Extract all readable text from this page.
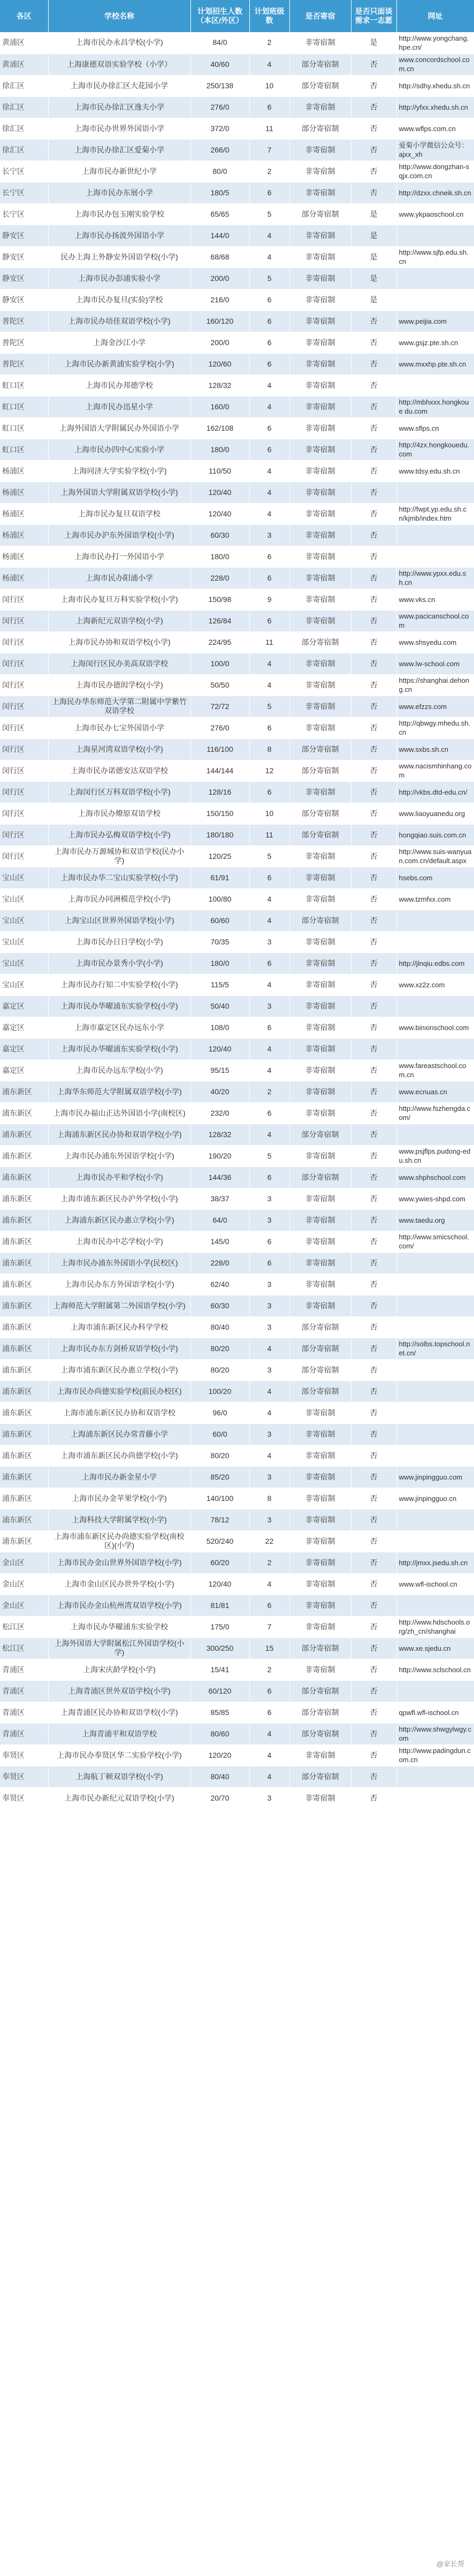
各区	学校名称	计划招生人数（本区/外区）	计划班级数	是否寄宿	是否只面谈需求一志愿	网址
黄浦区	上海市民办永昌学校(小学)	84/0	2	非寄宿制	是	http://www.yongchang.hpe.cn/
黄浦区	上海康德双语实验学校（小学）	40/60	4	部分寄宿制	否	www.concordschool.com.cn
徐汇区	上海市民办徐汇区大花园小学	250/138	10	部分寄宿制	否	http://sdhy.xhedu.sh.cn
徐汇区	上海市民办徐汇区逸夫小学	276/0	6	非寄宿制	否	http://yfxx.xhedu.sh.cn
徐汇区	上海市民办世界外国语小学	372/0	11	部分寄宿制	否	www.wflps.com.cn
徐汇区	上海市民办徐汇区爱菊小学	266/0	7	非寄宿制	否	爱菊小学微信公众号：ajxx_xh
长宁区	上海市民办新世纪小学	80/0	2	非寄宿制	否	http://www.dongzhan-sqjx.com.cn
长宁区	上海市民办东展小学	180/5	6	非寄宿制	否	http://dzxx.chneik.sh.cn
长宁区	上海市民办包玉刚实验学校	65/65	5	部分寄宿制	是	www.ykpaoschool.cn
静安区	上海市民办扬波外国语小学	144/0	4	非寄宿制	是	
静安区	民办上海上外静安外国语学校(小学)	68/68	4	非寄宿制	是	http://www.sjfp.edu.sh.cn
静安区	上海市民办彭浦实验小学	200/0	5	非寄宿制	是	
静安区	上海市民办复旦(实验)学校	216/0	6	非寄宿制	是	
普陀区	上海市民办培佳双语学校(小学)	160/120	6	非寄宿制	否	www.peijia.com
普陀区	上海金沙江小学	200/0	6	非寄宿制	否	www.gsjz.pte.sh.cn
普陀区	上海市民办新黄浦实验学校(小学)	120/60	6	非寄宿制	否	www.mxxhp.pte.sh.cn
虹口区	上海市民办邦德学校	128/32	4	非寄宿制	否	
虹口区	上海市民办迅星小学	160/0	4	非寄宿制	否	http://mbhxxx.hongkoue du.com
虹口区	上海外国语大学附属民办外国语小学	162/108	6	非寄宿制	否	www.sflps.cn
虹口区	上海市民办四中心实验小学	180/0	6	非寄宿制	否	http://4zx.hongkouedu.com
杨浦区	上海同济大学实验学校(小学)	110/50	4	非寄宿制	否	www.tdsy.edu.sh.cn
杨浦区	上海外国语大学附属双语学校(小学)	120/40	4	非寄宿制	否	
杨浦区	上海市民办复旦双语学校	120/40	4	非寄宿制	否	http://fwpt.yp.edu.sh.cn/kjmb/index.htm
杨浦区	上海市民办沪东外国语学校(小学)	60/30	3	非寄宿制	否	
杨浦区	上海市民办打一外国语小学	180/0	6	非寄宿制	否	
杨浦区	上海市民办阳浦小学	228/0	6	非寄宿制	否	http://www.ypxx.edu.sh.cn
闵行区	上海市民办复旦万科实验学校(小学)	150/98	9	非寄宿制	否	www.vks.cn
闵行区	上海新纪元双语学校(小学)	126/84	6	非寄宿制	否	www.pacicanschool.com
闵行区	上海市民办协和双语学校(小学)	224/95	11	部分寄宿制	否	www.shsyedu.com
闵行区	上海闵行区民办美高双语学校	100/0	4	非寄宿制	否	www.lw-school.com
闵行区	上海市民办德闳学校(小学)	50/50	4	非寄宿制	否	https://shanghai.dehong.cn
闵行区	上海民办华东师范大学第二附属中学紫竹双语学校	72/72	5	非寄宿制	否	www.efzzs.com
闵行区	上海市民办七宝外国语小学	276/0	6	非寄宿制	否	http://qbwgy.mhedu.sh.cn
闵行区	上海星河湾双语学校(小学)	116/100	8	部分寄宿制	否	www.sxbs.sh.cn
闵行区	上海市民办诺德安达双语学校	144/144	12	部分寄宿制	否	www.nacismhinhang.com
闵行区	上海闵行区万科双语学校(小学)	128/16	6	非寄宿制	否	http://vkbs.dtd-edu.cn/
闵行区	上海市民办燎原双语学校	150/150	10	部分寄宿制	否	www.liaoyuanedu.org
闵行区	上海市民办弘梅双语学校(小学)	180/180	11	部分寄宿制	否	hongqiao.suis.com.cn
闵行区	上海市民办万源城协和双语学校(民办小学)	120/25	5	非寄宿制	否	http://www.suis-wanyuan.com.cn/default.aspx
宝山区	上海市民办华二宝山实验学校(小学)	61/91	6	非寄宿制	否	hsebs.com
宝山区	上海市民办同洲模范学校(小学)	100/80	4	非寄宿制	否	www.tzmfxx.com
宝山区	上海宝山区世界外国语学校(小学)	60/60	4	部分寄宿制	否	
宝山区	上海市民办日日学校(小学)	70/35	3	非寄宿制	否	
宝山区	上海市民办景秀小学(小学)	180/0	6	非寄宿制	否	http://jlnqiu.edbs.com
宝山区	上海市民办行知二中实验学校(小学)	115/5	4	非寄宿制	否	www.xz2z.com
嘉定区	上海市民办华曜浦东实验学校(小学)	50/40	3	非寄宿制	否	
嘉定区	上海市嘉定区民办远东小学	108/0	6	非寄宿制	否	www.binxinschool.com
嘉定区	上海市民办华曜浦东实验学校(小学)	120/40	4	非寄宿制	否	
嘉定区	上海市民办远东学校(小学)	95/15	4	非寄宿制	否	www.fareastschool.com.cn
浦东新区	上海华东师范大学附属双语学校(小学)	40/20	2	非寄宿制	否	www.ecnuas.cn
浦东新区	上海市民办福山正达外国语小学(南校区)	232/0	6	非寄宿制	否	http://www.fszhengda.com/
浦东新区	上海浦东新区民办协和双语学校(小学)	128/32	4	部分寄宿制	否	
浦东新区	上海市民办浦东外国语学校(小学)	190/20	5	非寄宿制	否	www.psjflps.pudong-edu.sh.cn
浦东新区	上海市民办平和学校(小学)	144/36	6	部分寄宿制	否	www.shphschool.com
浦东新区	上海市浦东新区民办沪外学校(小学)	38/37	3	非寄宿制	否	www.ywies-shpd.com
浦东新区	上海浦东新区民办惠立学校(小学)	64/0	3	非寄宿制	否	www.taedu.org
浦东新区	上海市民办中芯学校(小学)	145/0	6	非寄宿制	否	http://www.smicschool.com/
浦东新区	上海市民办浦东外国语小学(民校区)	228/0	6	非寄宿制	否	
浦东新区	上海市民办东方外国语学校(小学)	62/40	3	非寄宿制	否	
浦东新区	上海师范大学附属第二外国语学校(小学)	60/30	3	非寄宿制	否	
浦东新区	上海市浦东新区民办科学学校	80/40	3	部分寄宿制	否	
浦东新区	上海市民办东方剑桥双语学校(小学)	80/20	4	部分寄宿制	否	http://solbs.topschool.net.cn/
浦东新区	上海市浦东新区民办惠立学校(小学)	80/20	3	部分寄宿制	否	
浦东新区	上海市民办尚德实验学校(前民办校区)	100/20	4	部分寄宿制	否	
浦东新区	上海市浦东新区民办协和双语学校	96/0	4	非寄宿制	否	
浦东新区	上海浦东新区民办常青藤小学	60/0	3	非寄宿制	否	
浦东新区	上海市浦东新区民办尚德学校(小学)	80/20	4	非寄宿制	否	
浦东新区	上海市民办新金星小学	85/20	3	非寄宿制	否	www.jinpingguo.com
浦东新区	上海市民办金苹果学校(小学)	140/100	8	非寄宿制	否	www.jinpingguo.cn
浦东新区	上海科技大学附属学校(小学)	78/12	3	非寄宿制	否	
浦东新区	上海市浦东新区民办尚德实验学校(南校区)(小学)	520/240	22	非寄宿制	否	
金山区	上海市民办金山世界外国语学校(小学)	60/20	2	非寄宿制	否	http://jmxx.jsedu.sh.cn
金山区	上海市金山区民办世外学校(小学)	120/40	4	非寄宿制	否	www.wfl-ischool.cn
金山区	上海市民办金山杭州湾双语学校(小学)	81/81	6	非寄宿制	否	
松江区	上海市民办华曜浦东实验学校	175/0	7	非寄宿制	否	http://www.hdschools.org/zh_cn/shanghai
松江区	上海外国语大学附属松江外国语学校(小学)	300/250	15	部分寄宿制	否	www.xe.sjedu.cn
青浦区	上海宋庆龄学校(小学)	15/41	2	非寄宿制	否	http://www.sclschool.cn
青浦区	上海青浦区世外双语学校(小学)	60/120	6	部分寄宿制	否	
青浦区	上海青浦区民办协和双语学校(小学)	85/85	6	部分寄宿制	否	qpwfl.wfl-ischool.cn
青浦区	上海青浦平和双语学校	80/60	4	部分寄宿制	否	http://www.shwgylwgy.com
奉贤区	上海市民办奉贤区华二实验学校(小学)	120/20	4	非寄宿制	否	http://www.padingdun.com.cn
奉贤区	上海航丁顿双语学校(小学)	80/40	4	部分寄宿制	否	
奉贤区	上海市民办新纪元双语学校(小学)	20/70	3	非寄宿制	否	
@家长帮
